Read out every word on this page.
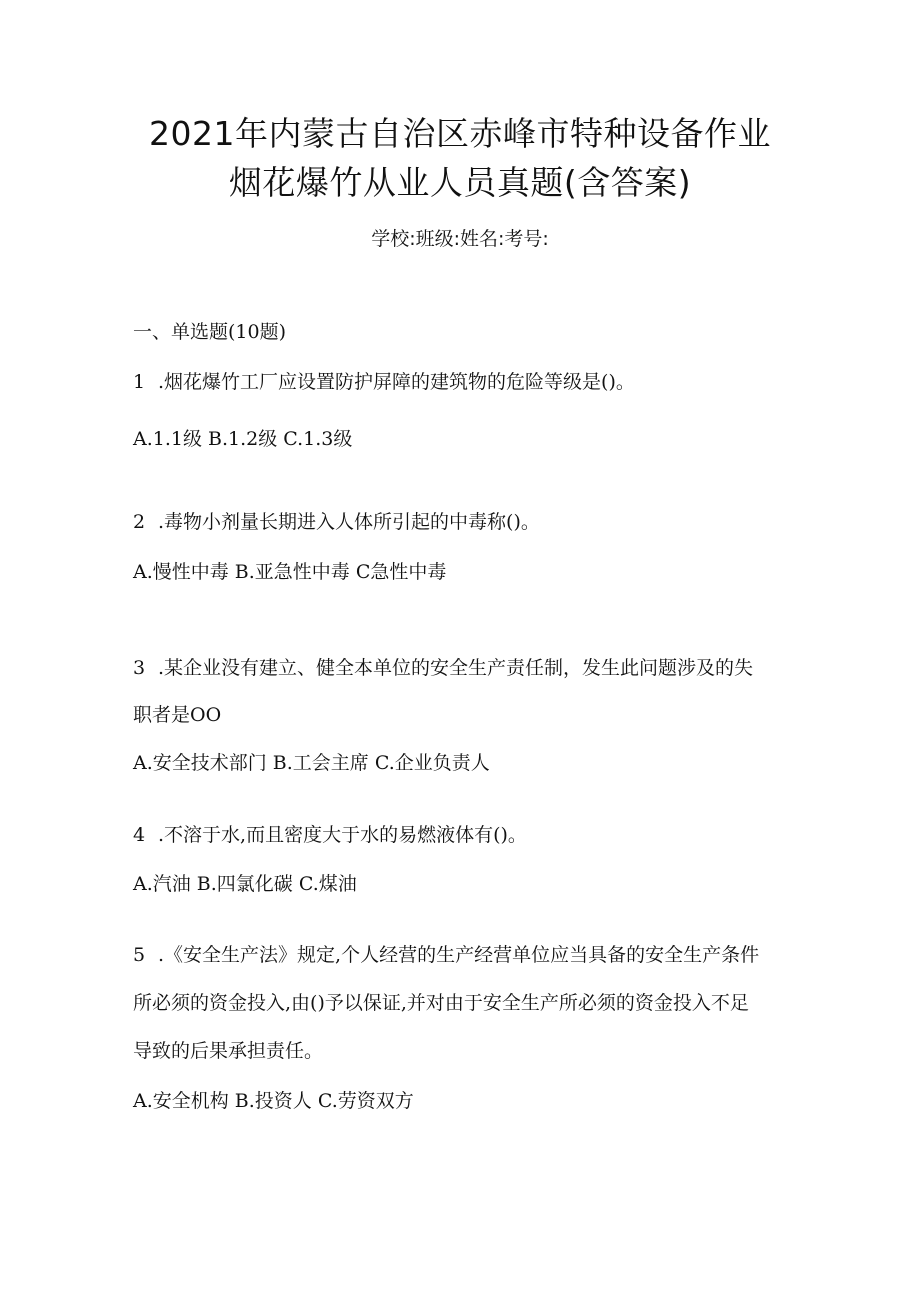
2021年内蒙古自治区赤峰市特种设备作业
烟花爆竹从业人员真题(含答案)
学校:班级:姓名:考号:
一、单选题(10题)
1 .烟花爆竹工厂应设置防护屏障的建筑物的危险等级是()。
A.1.1级 B.1.2级 C.1.3级
2 .毒物小剂量长期进入人体所引起的中毒称()。
A.慢性中毒 B.亚急性中毒 C急性中毒
3 .某企业没有建立、健全本单位的安全生产责任制，发生此问题涉及的失
职者是OO
A.安全技术部门 B.工会主席 C.企业负责人
4 .不溶于水,而且密度大于水的易燃液体有()。
A.汽油 B.四氯化碳 C.煤油
5 .《安全生产法》规定,个人经营的生产经营单位应当具备的安全生产条件
所必须的资金投入,由()予以保证,并对由于安全生产所必须的资金投入不足
导致的后果承担责任。
A.安全机构 B.投资人 C.劳资双方
